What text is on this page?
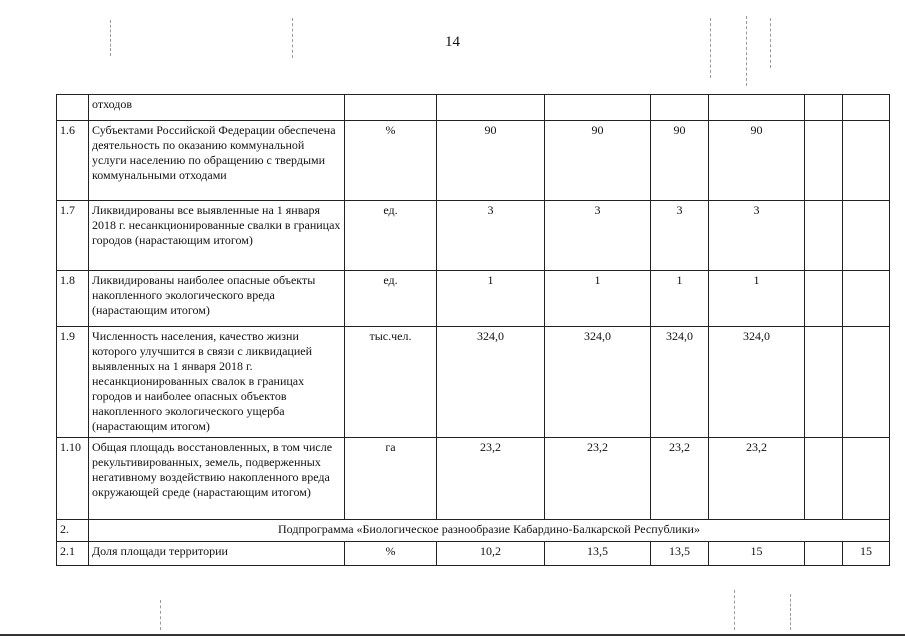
14
	отходов							
1.6	Субъектами Российской Федерации обеспечена деятельность по оказанию коммунальной услуги населению по обращению с твердыми коммунальными отходами	%	90	90	90	90		
1.7	Ликвидированы все выявленные на 1 января 2018 г. несанкционированные свалки в границах городов (нарастающим итогом)	ед.	3	3	3	3		
1.8	Ликвидированы наиболее опасные объекты накопленного экологического вреда (нарастающим итогом)	ед.	1	1	1	1		
1.9	Численность населения, качество жизни которого улучшится в связи с ликвидацией выявленных на 1 января 2018 г. несанкционированных свалок в границах городов и наиболее опасных объектов накопленного экологического ущерба (нарастающим итогом)	тыс.чел.	324,0	324,0	324,0	324,0		
1.10	Общая площадь восстановленных, в том числе рекультивированных, земель, подверженных негативному воздействию накопленного вреда окружающей среде (нарастающим итогом)	га	23,2	23,2	23,2	23,2		
2.	Подпрограмма «Биологическое разнообразие Кабардино-Балкарской Республики»							
2.1	Доля площади территории	%	10,2	13,5	13,5	15		15
